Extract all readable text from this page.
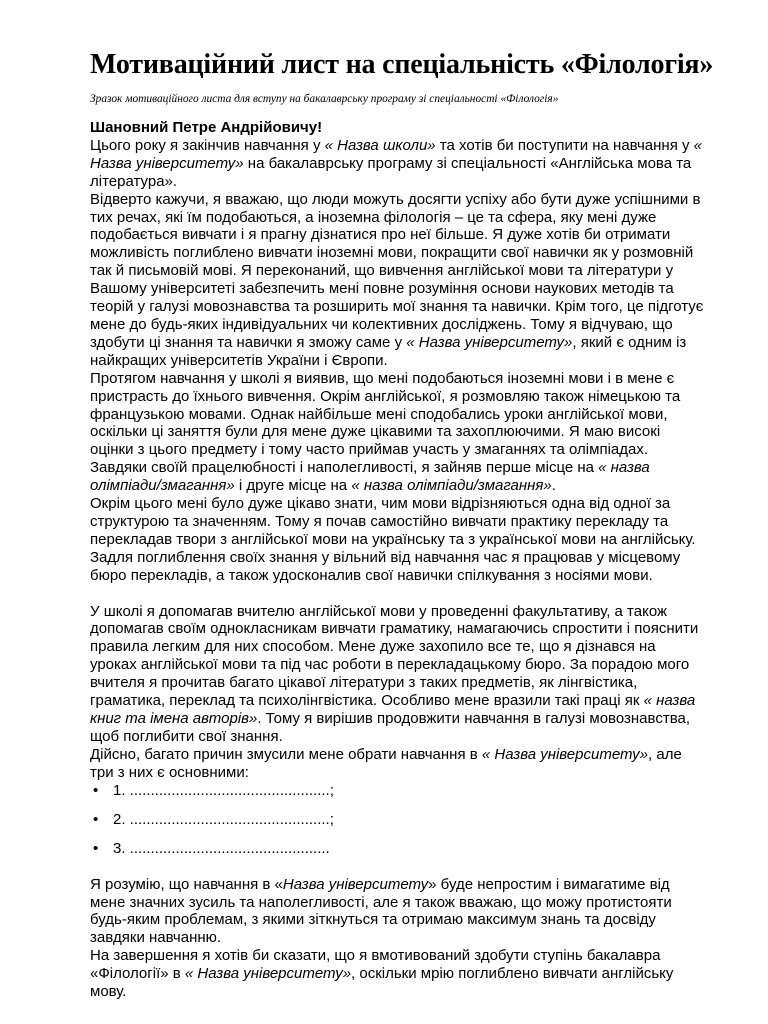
Мотиваційний лист на спеціальність «Філологія»

Зразок мотиваційного листа для вступу на бакалаврську програму зі спеціальності «Філологія»

Шановний Петре Андрійовичу!

Цього року я закінчив навчання у « Назва школи» та хотів би поступити на навчання у « Назва університету» на бакалаврську програму зі спеціальності «Англійська мова та література».

Відверто кажучи, я вважаю, що люди можуть досягти успіху або бути дуже успішними в тих речах, які їм подобаються, а іноземна філологія – це та сфера, яку мені дуже подобається вивчати і я прагну дізнатися про неї більше. Я дуже хотів би отримати можливість поглиблено вивчати іноземні мови, покращити свої навички як у розмовній так й письмовій мові. Я переконаний, що вивчення англійської мови та літератури у Вашому університеті забезпечить мені повне розуміння основи наукових методів та теорій у галузі мовознавства та розширить мої знання та навички. Крім того, це підготує мене до будь-яких індивідуальних чи колективних досліджень. Тому я відчуваю, що здобути ці знання та навички я зможу саме у « Назва університету», який є одним із найкращих університетів України і Європи.

Протягом навчання у школі я виявив, що мені подобаються іноземні мови і в мене є пристрасть до їхнього вивчення. Окрім англійської, я розмовляю також німецькою та французькою мовами. Однак найбільше мені сподобались уроки англійської мови, оскільки ці заняття були для мене дуже цікавими та захоплюючими. Я маю високі оцінки з цього предмету і тому часто приймав участь у змаганнях та олімпіадах. Завдяки своїй працелюбності і наполегливості, я зайняв перше місце на « назва олімпіади/змагання» і друге місце на « назва олімпіади/змагання».

Окрім цього мені було дуже цікаво знати, чим мови відрізняються одна від одної за структурою та значенням. Тому я почав самостійно вивчати практику перекладу та перекладав твори з англійської мови на українську та з української мови на англійську. Задля поглиблення своїх знання у вільний від навчання час я працював у місцевому бюро перекладів, а також удосконалив свої навички спілкування з носіями мови.

У школі я допомагав вчителю англійської мови у проведенні факультативу, а також допомагав своїм однокласникам вивчати граматику, намагаючись спростити і пояснити правила легким для них способом. Мене дуже захопило все те, що я дізнався на уроках англійської мови та під час роботи в перекладацькому бюро. За порадою мого вчителя я прочитав багато цікавої літератури з таких предметів, як лінгвістика, граматика, переклад та психолінгвістика. Особливо мене вразили такі праці як « назва книг та імена авторів». Тому я вирішив продовжити навчання в галузі мовознавства, щоб поглибити свої знання.

Дійсно, багато причин змусили мене обрати навчання в « Назва університету», але три з них є основними:

• 1. ................................................;
• 2. ................................................;
• 3. ................................................

Я розумію, що навчання в «Назва університету» буде непростим і вимагатиме від мене значних зусиль та наполегливості, але я також вважаю, що можу протистояти будь-яким проблемам, з якими зіткнуться та отримаю максимум знань та досвіду завдяки навчанню.

На завершення я хотів би сказати, що я вмотивований здобути ступінь бакалавра «Філології» в « Назва університету», оскільки мрію поглиблено вивчати англійську мову.
